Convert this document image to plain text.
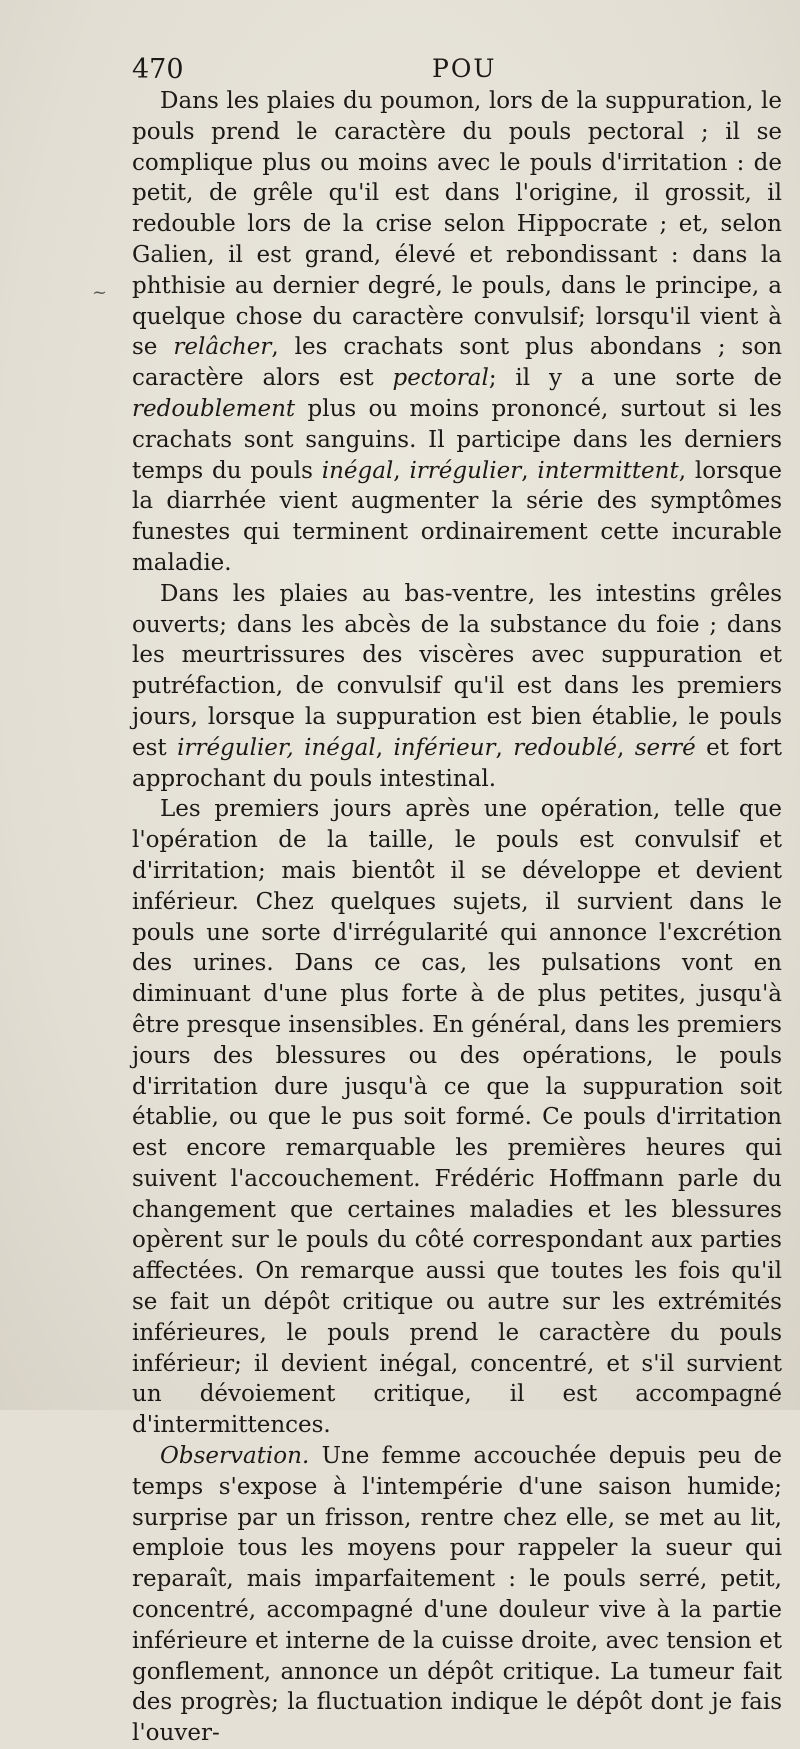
470	POU
~

Dans les plaies du poumon, lors de la suppuration, le pouls prend le caractère du pouls pectoral ; il se complique plus ou moins avec le pouls d'irritation : de petit, de grêle qu'il est dans l'origine, il grossit, il redouble lors de la crise selon Hippocrate ; et, selon Galien, il est grand, élevé et rebondissant : dans la phthisie au dernier degré, le pouls, dans le principe, a quelque chose du caractère convulsif; lorsqu'il vient à se relâcher, les crachats sont plus abondans ; son caractère alors est pectoral; il y a une sorte de redoublement plus ou moins prononcé, surtout si les crachats sont sanguins. Il participe dans les derniers temps du pouls inégal, irrégulier, intermittent, lorsque la diarrhée vient augmenter la série des symptômes funestes qui terminent ordinairement cette incurable maladie.

Dans les plaies au bas-ventre, les intestins grêles ouverts; dans les abcès de la substance du foie ; dans les meurtrissures des viscères avec suppuration et putréfaction, de convulsif qu'il est dans les premiers jours, lorsque la suppuration est bien établie, le pouls est irrégulier, inégal, inférieur, redoublé, serré et fort approchant du pouls intestinal.

Les premiers jours après une opération, telle que l'opération de la taille, le pouls est convulsif et d'irritation; mais bientôt il se développe et devient inférieur. Chez quelques sujets, il survient dans le pouls une sorte d'irrégularité qui annonce l'excrétion des urines. Dans ce cas, les pulsations vont en diminuant d'une plus forte à de plus petites, jusqu'à être presque insensibles. En général, dans les premiers jours des blessures ou des opérations, le pouls d'irritation dure jusqu'à ce que la suppuration soit établie, ou que le pus soit formé. Ce pouls d'irritation est encore remarquable les premières heures qui suivent l'accouchement. Frédéric Hoffmann parle du changement que certaines maladies et les blessures opèrent sur le pouls du côté correspondant aux parties affectées. On remarque aussi que toutes les fois qu'il se fait un dépôt critique ou autre sur les extrémités inférieures, le pouls prend le caractère du pouls inférieur; il devient inégal, concentré, et s'il survient un dévoiement critique, il est accompagné d'intermittences.

Observation. Une femme accouchée depuis peu de temps s'expose à l'intempérie d'une saison humide; surprise par un frisson, rentre chez elle, se met au lit, emploie tous les moyens pour rappeler la sueur qui reparaît, mais imparfaitement : le pouls serré, petit, concentré, accompagné d'une douleur vive à la partie inférieure et interne de la cuisse droite, avec tension et gonflement, annonce un dépôt critique. La tumeur fait des progrès; la fluctuation indique le dépôt dont je fais l'ouver-
